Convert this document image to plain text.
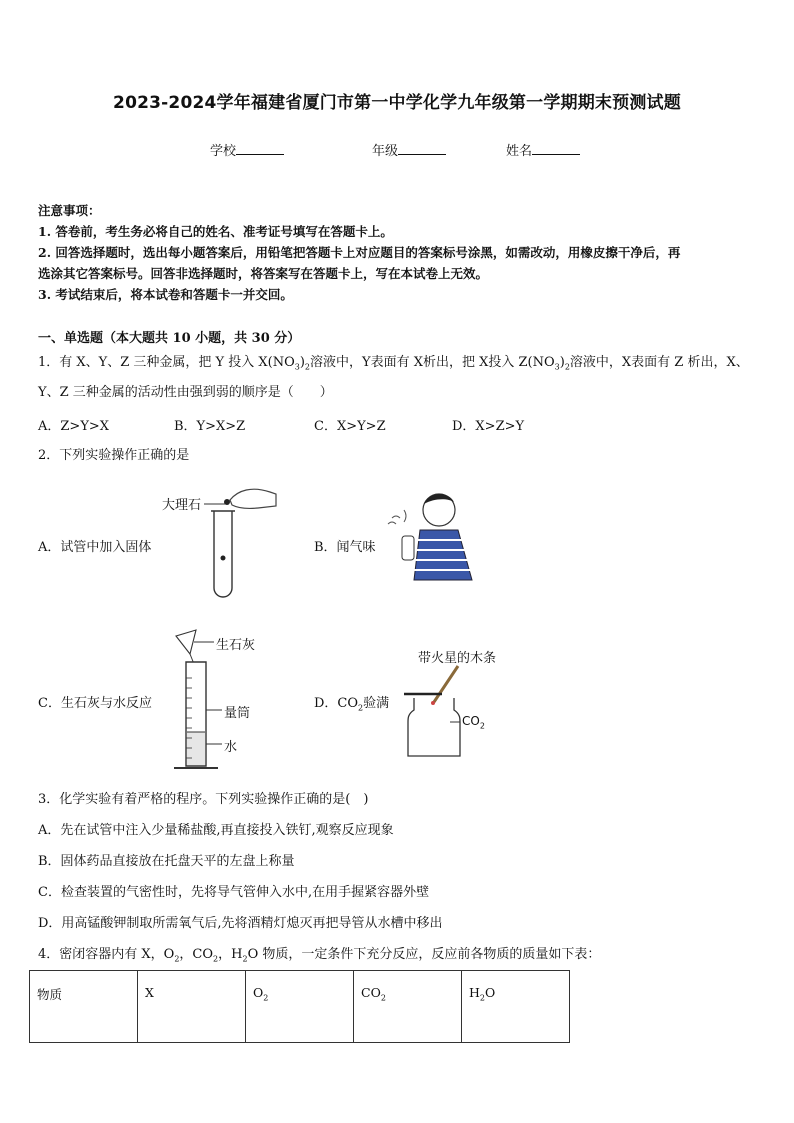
2023-2024学年福建省厦门市第一中学化学九年级第一学期期末预测试题
学校	年级	姓名
注意事项：
1. 答卷前，考生务必将自己的姓名、准考证号填写在答题卡上。
2. 回答选择题时，选出每小题答案后，用铅笔把答题卡上对应题目的答案标号涂黑，如需改动，用橡皮擦干净后，再
选涂其它答案标号。回答非选择题时，将答案写在答题卡上，写在本试卷上无效。
3. 考试结束后，将本试卷和答题卡一并交回。
一、单选题（本大题共 10 小题，共 30 分）
1．有 X、Y、Z 三种金属，把 Y 投入 $X(NO_3)_2$溶液中，Y表面有 X析出，把 X投入 $Z(NO_3)_2$溶液中，X表面有 Z 析出，X、
Y、Z 三种金属的活动性由强到弱的顺序是（　　）
A．Z>Y>X	B．Y>X>Z	C．X>Y>Z	D．X>Z>Y
2．下列实验操作正确的是
A．试管中加入固体
大理石
B．闻气味
C．生石灰与水反应
生石灰
量筒
水
D．$CO_2$验满
带火星的木条
$CO_2$
3．化学实验有着严格的程序。下列实验操作正确的是(　)
A．先在试管中注入少量稀盐酸,再直接投入铁钉,观察反应现象
B．固体药品直接放在托盘天平的左盘上称量
C．检查装置的气密性时，先将导气管伸入水中,在用手握紧容器外壁
D．用高锰酸钾制取所需氧气后,先将酒精灯熄灭再把导管从水槽中移出
4．密闭容器内有 X，$O_2$，$CO_2$，$H_2O$ 物质，一定条件下充分反应，反应前各物质的质量如下表：
物质	X	$O_2$	$CO_2$	$H_2O$
